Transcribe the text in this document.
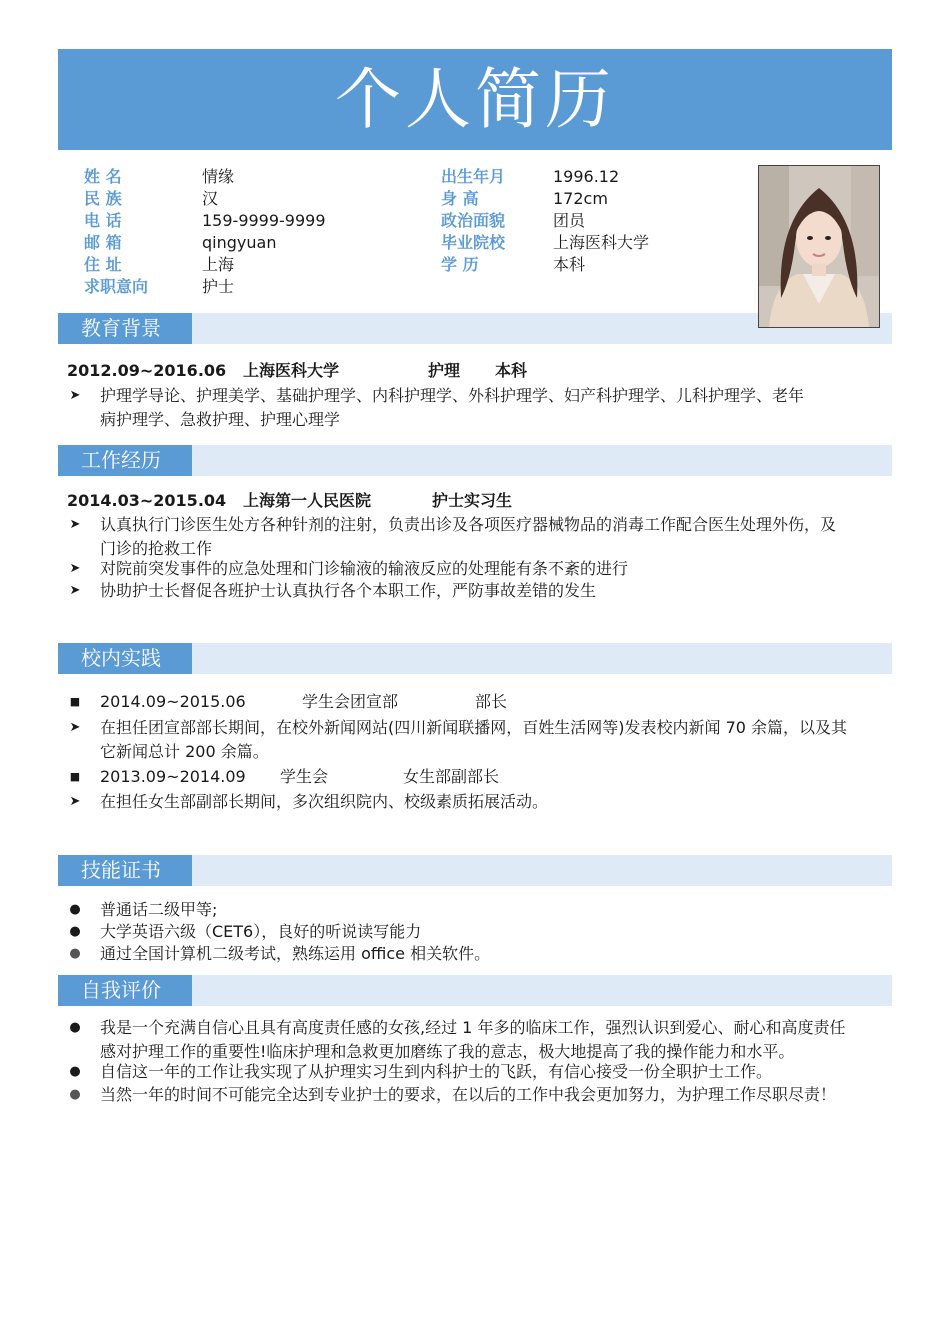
个人简历
姓 名	情缘
民 族	汉
电 话	159-9999-9999
邮 箱	qingyuan
住 址	上海
求职意向	护士
出生年月	1996.12
身 高	172cm
政治面貌	团员
毕业院校	上海医科大学
学 历	本科
教育背景
2012.09~2016.06 上海医科大学	护理 本科
➤ 护理学导论、护理美学、基础护理学、内科护理学、外科护理学、妇产科护理学、儿科护理学、老年
病护理学、急救护理、护理心理学
工作经历
2014.03~2015.04 上海第一人民医院	护士实习生
➤ 认真执行门诊医生处方各种针剂的注射，负责出诊及各项医疗器械物品的消毒工作配合医生处理外伤，及
门诊的抢救工作
➤ 对院前突发事件的应急处理和门诊输液的输液反应的处理能有条不紊的进行
➤ 协助护士长督促各班护士认真执行各个本职工作，严防事故差错的发生
校内实践
■ 2014.09~2015.06	学生会团宣部	部长
➤ 在担任团宣部部长期间，在校外新闻网站(四川新闻联播网，百姓生活网等)发表校内新闻 70 余篇，以及其
它新闻总计 200 余篇。
■ 2013.09~2014.09 学生会	女生部副部长
➤ 在担任女生部副部长期间，多次组织院内、校级素质拓展活动。
技能证书
● 普通话二级甲等;
● 大学英语六级（CET6），良好的听说读写能力
● 通过全国计算机二级考试，熟练运用 office 相关软件。
自我评价
● 我是一个充满自信心且具有高度责任感的女孩,经过 1 年多的临床工作，强烈认识到爱心、耐心和高度责任
感对护理工作的重要性!临床护理和急救更加磨练了我的意志，极大地提高了我的操作能力和水平。
● 自信这一年的工作让我实现了从护理实习生到内科护士的飞跃，有信心接受一份全职护士工作。
● 当然一年的时间不可能完全达到专业护士的要求，在以后的工作中我会更加努力，为护理工作尽职尽责！
